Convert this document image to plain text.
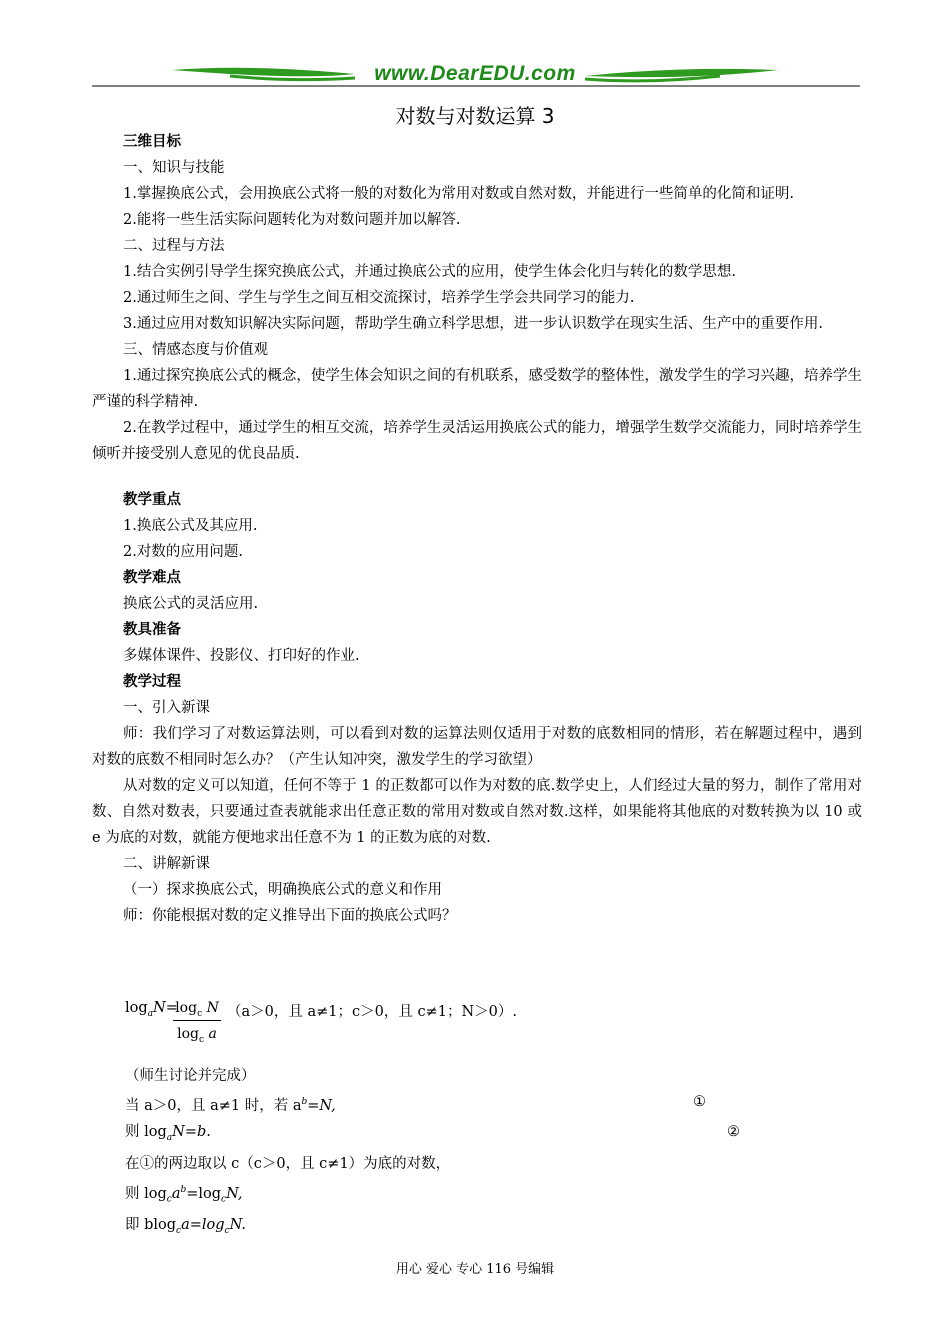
www.DearEDU.com
对数与对数运算 3

三维目标

一、知识与技能

1.掌握换底公式，会用换底公式将一般的对数化为常用对数或自然对数，并能进行一些简单的化简和证明.

2.能将一些生活实际问题转化为对数问题并加以解答.

二、过程与方法

1.结合实例引导学生探究换底公式，并通过换底公式的应用，使学生体会化归与转化的数学思想.

2.通过师生之间、学生与学生之间互相交流探讨，培养学生学会共同学习的能力.

3.通过应用对数知识解决实际问题，帮助学生确立科学思想，进一步认识数学在现实生活、生产中的重要作用.

三、情感态度与价值观

1.通过探究换底公式的概念，使学生体会知识之间的有机联系，感受数学的整体性，激发学生的学习兴趣，培养学生严谨的科学精神.

2.在教学过程中，通过学生的相互交流，培养学生灵活运用换底公式的能力，增强学生数学交流能力，同时培养学生倾听并接受别人意见的优良品质.

教学重点

1.换底公式及其应用.

2.对数的应用问题.

教学难点

换底公式的灵活应用.

教具准备

多媒体课件、投影仪、打印好的作业.

教学过程

一、引入新课

师：我们学习了对数运算法则，可以看到对数的运算法则仅适用于对数的底数相同的情形，若在解题过程中，遇到对数的底数不相同时怎么办？（产生认知冲突，激发学生的学习欲望）

从对数的定义可以知道，任何不等于 1 的正数都可以作为对数的底.数学史上，人们经过大量的努力，制作了常用对数、自然对数表，只要通过查表就能求出任意正数的常用对数或自然对数.这样，如果能将其他底的对数转换为以 10 或 e 为底的对数，就能方便地求出任意不为 1 的正数为底的对数.

二、讲解新课

（一）探求换底公式，明确换底公式的意义和作用

师：你能根据对数的定义推导出下面的换底公式吗？

$\log_aN=$
$\frac{\log_c N}{\log_c a} (a>0$，且 a≠1；c＞0，且 c≠1；N＞0）.

（师生讨论并完成）

当 a＞0，且 a≠1 时，若 $a^b=N$,	①

则 $\log_aN=b$.	②

在①的两边取以 c（c＞0，且 c≠1）为底的对数，

则 $\log_ca^b=\log_cN$,

即 $blog_ca=\log_cN$.

用心 爱心 专心 116 号编辑
